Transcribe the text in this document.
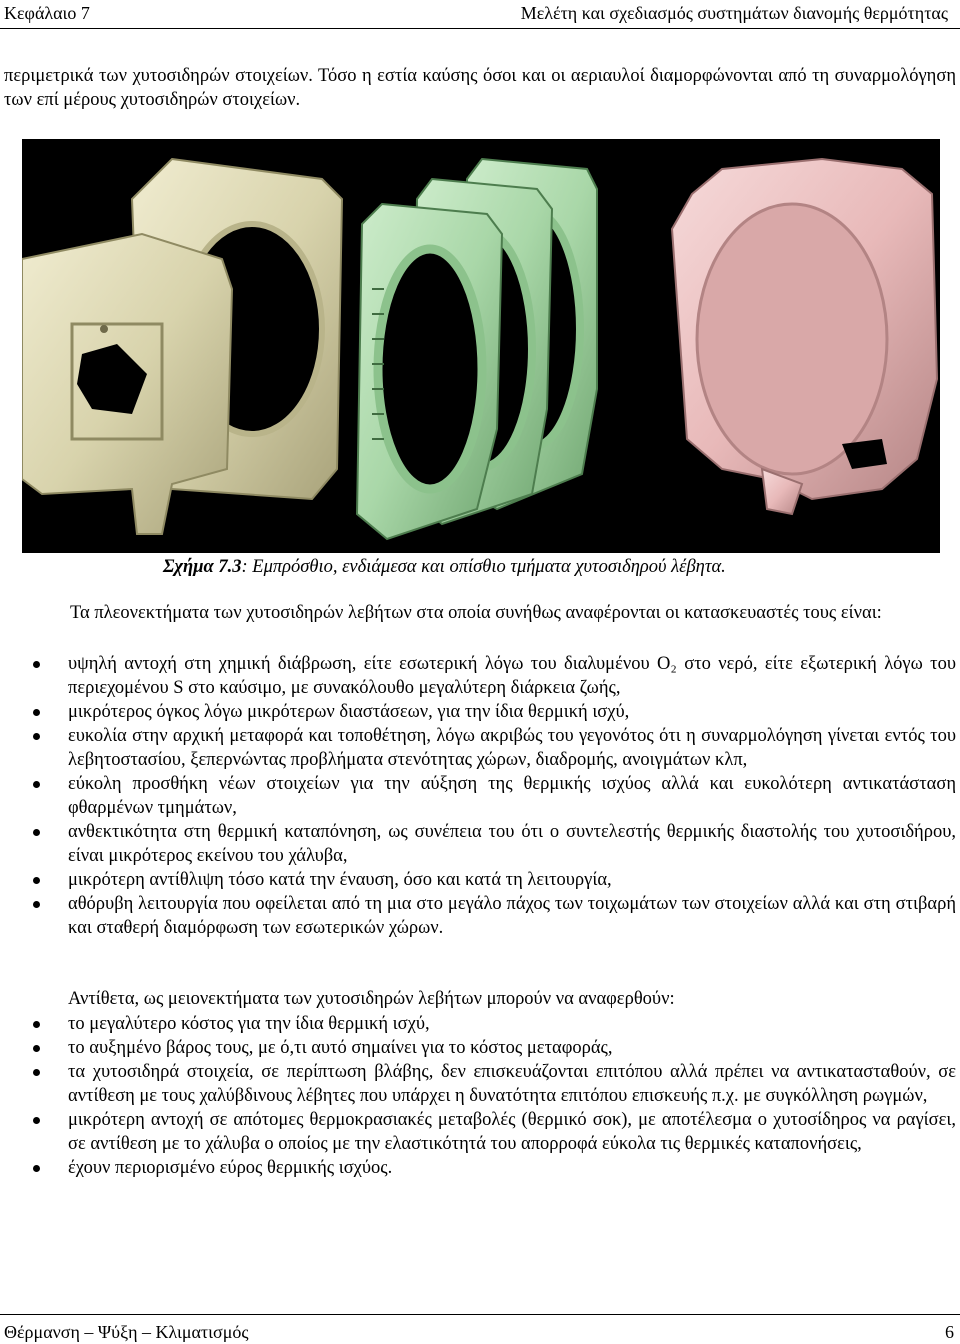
Κεφάλαιο 7	Μελέτη και σχεδιασμός συστημάτων διανομής θερμότητας
περιμετρικά των χυτοσιδηρών στοιχείων. Τόσο η εστία καύσης όσοι και οι αεριαυλοί διαμορφώνονται από τη συναρμολόγηση των επί μέρους χυτοσιδηρών στοιχείων.
Σχήμα 7.3: Εμπρόσθιο, ενδιάμεσα και οπίσθιο τμήματα χυτοσιδηρού λέβητα.
Τα πλεονεκτήματα των χυτοσιδηρών λεβήτων στα οποία συνήθως αναφέρονται οι κατασκευαστές τους είναι:
υψηλή αντοχή στη χημική διάβρωση, είτε εσωτερική λόγω του διαλυμένου O₂ στο νερό, είτε εξωτερική λόγω του περιεχομένου S στο καύσιμο, με συνακόλουθο μεγαλύτερη διάρκεια ζωής,
μικρότερος όγκος λόγω μικρότερων διαστάσεων, για την ίδια θερμική ισχύ,
ευκολία στην αρχική μεταφορά και τοποθέτηση, λόγω ακριβώς του γεγονότος ότι η συναρμολόγηση γίνεται εντός του λεβητοστασίου, ξεπερνώντας προβλήματα στενότητας χώρων, διαδρομής, ανοιγμάτων κλπ,
εύκολη προσθήκη νέων στοιχείων για την αύξηση της θερμικής ισχύος αλλά και ευκολότερη αντικατάσταση φθαρμένων τμημάτων,
ανθεκτικότητα στη θερμική καταπόνηση, ως συνέπεια του ότι ο συντελεστής θερμικής διαστολής του χυτοσιδήρου, είναι μικρότερος εκείνου του χάλυβα,
μικρότερη αντίθλιψη τόσο κατά την έναυση, όσο και κατά τη λειτουργία,
αθόρυβη λειτουργία που οφείλεται από τη μια στο μεγάλο πάχος των τοιχωμάτων των στοιχείων αλλά και στη στιβαρή και σταθερή διαμόρφωση των εσωτερικών χώρων.
Αντίθετα, ως μειονεκτήματα των χυτοσιδηρών λεβήτων μπορούν να αναφερθούν:
το μεγαλύτερο κόστος για την ίδια θερμική ισχύ,
το αυξημένο βάρος τους, με ό,τι αυτό σημαίνει για το κόστος μεταφοράς,
τα χυτοσιδηρά στοιχεία, σε περίπτωση βλάβης, δεν επισκευάζονται επιτόπου αλλά πρέπει να αντικατασταθούν, σε αντίθεση με τους χαλύβδινους λέβητες που υπάρχει η δυνατότητα επιτόπου επισκευής π.χ. με συγκόλληση ρωγμών,
μικρότερη αντοχή σε απότομες θερμοκρασιακές μεταβολές (θερμικό σοκ), με αποτέλεσμα ο χυτοσίδηρος να ραγίσει, σε αντίθεση με το χάλυβα ο οποίος με την ελαστικότητά του απορροφά εύκολα τις θερμικές καταπονήσεις,
έχουν περιορισμένο εύρος θερμικής ισχύος.
Θέρμανση – Ψύξη – Κλιματισμός	6
